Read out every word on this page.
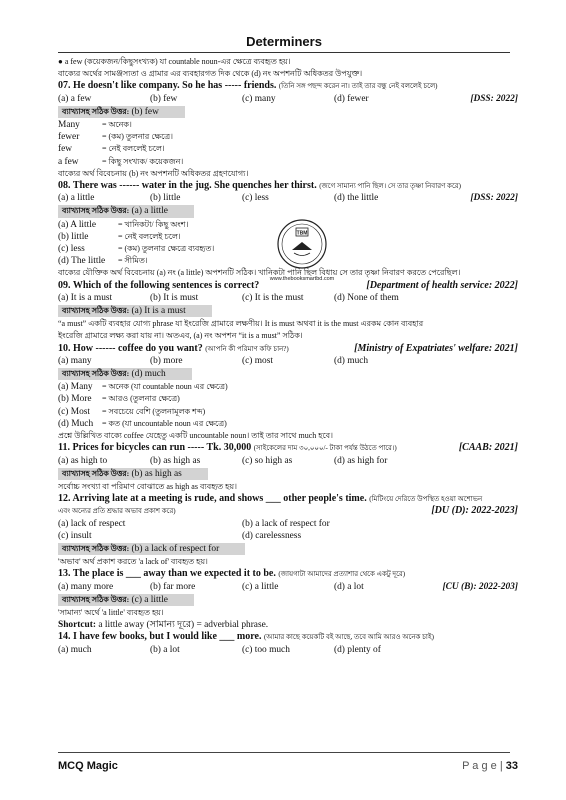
Determiners
● a few (কয়েকজন/কিছুসংখ্যক) যা countable noun-এর ক্ষেত্রে ব্যবহৃত হয়।
বাক্যের অর্থের সামঞ্জস্যতা ও গ্রামার এর ব্যবহারগত দিক থেকে (d) নং অপশনটি অধিকতর উপযুক্ত।
07. He doesn't like company. So he has ----- friends. (তিনি সঙ্গ পছন্দ করেন না। তাই তার বন্ধু নেই বললেই চলে)
(a) a few	(b) few	(c) many	(d) fewer	[DSS: 2022]
ব্যাখ্যাসহ সঠিক উত্তর: (b) few
Many	= অনেক।
fewer	= (কম) তুলনার ক্ষেত্রে।
few	= নেই বললেই চলে।
a few	= কিছু সংখ্যক/ কয়েকজন।
বাক্যের অর্থ বিবেচনায় (b) নং অপশনটি অধিকতর গ্রহণযোগ্য।
08. There was ------ water in the jug. She quenches her thirst. (জগে সামান্য পানি ছিল। সে তার তৃষ্ণা নিবারণ করে)
(a) a little	(b) little	(c) less	(d) the little	[DSS: 2022]
ব্যাখ্যাসহ সঠিক উত্তর: (a) a little
(a) A little	= খানিকটা/ কিছু অংশ।
(b) little	= নেই বললেই চলে।
(c) less	= (কম) তুলনার ক্ষেত্রে ব্যবহৃত।
(d) The little	= সীমিত।
বাক্যের যৌক্তিক অর্থ বিবেচনায় (a) নং (a little) অপশনটি সঠিক। খানিকটা পানি ছিল বিধায় সে তার তৃষ্ণা নিবারণ করতে পেরেছিল।
09. Which of the following sentences is correct?	[Department of health service: 2022]
(a) It is a must	(b) It is must	(c) It is the must	(d) None of them
ব্যাখ্যাসহ সঠিক উত্তর: (a) It is a must
“a must” একটি ব্যবহার যোগ্য phrase যা ইংরেজি গ্রামারে লক্ষণীয়। It is must অথবা it is the must এরকম কোন ব্যবহার
ইংরেজি গ্রামারে লক্ষ্য করা যায় না। অতএব, (a) নং অপশন “it is a must” সঠিক।
10. How ------ coffee do you want? (আপনি কী পরিমাণ কফি চান?)	[Ministry of Expatriates' welfare: 2021]
(a) many	(b) more	(c) most	(d) much
ব্যাখ্যাসহ সঠিক উত্তর: (d) much
(a) Many	= অনেক (যা countable noun এর ক্ষেত্রে)
(b) More	= আরও (তুলনার ক্ষেত্রে)
(c) Most	= সবচেয়ে বেশি (তুলনামূলক শব্দ)
(d) Much	= কত (যা uncountable noun এর ক্ষেত্রে)
প্রশ্নে উল্লিখিত বাক্যে coffee যেহেতু একটি uncountable noun। তাই তার সাথে much হবে।
11. Prices for bicycles can run ----- Tk. 30,000 (সাইকেলের দাম ৩০,০০০/- টাকা পর্যন্ত উঠতে পারে।)	[CAAB: 2021]
(a) as high to	(b) as high as	(c) so high as	(d) as high for
ব্যাখ্যাসহ সঠিক উত্তর: (b) as high as
সর্বোচ্চ সংখ্যা বা পরিমাণ বোঝাতে as high as ব্যবহৃত হয়।
12. Arriving late at a meeting is rude, and shows ___ other people's time. (মিটিংয়ে দেরিতে উপস্থিত হওয়া অশোভন
এবং অন্যের প্রতি শ্রদ্ধার অভাব প্রকাশ করে)	[DU (D): 2022-2023]
(a) lack of respect	(b) a lack of respect for
(c) insult	(d) carelessness
ব্যাখ্যাসহ সঠিক উত্তর: (b) a lack of respect for
'অভাব' অর্থ প্রকাশ করতে 'a lack of' ব্যবহৃত হয়।
13. The place is ___ away than we expected it to be. (জায়গাটা আমাদের প্রত্যাশার থেকে একটু দূরে)
(a) many more	(b) far more	(c) a little	(d) a lot	[CU (B): 2022-203]
ব্যাখ্যাসহ সঠিক উত্তর: (c) a little
'সামান্য' অর্থে 'a little' ব্যবহৃত হয়।
Shortcut: a little away (সামান্য দূরে) = adverbial phrase.
14. I have few books, but I would like ___ more. (আমার কাছে কয়েকটি বই আছে, তবে আমি আরও অনেক চাই)
(a) much	(b) a lot	(c) too much	(d) plenty of
TBM
www.thebooksmartbd.com
MCQ Magic	P a g e | 33
